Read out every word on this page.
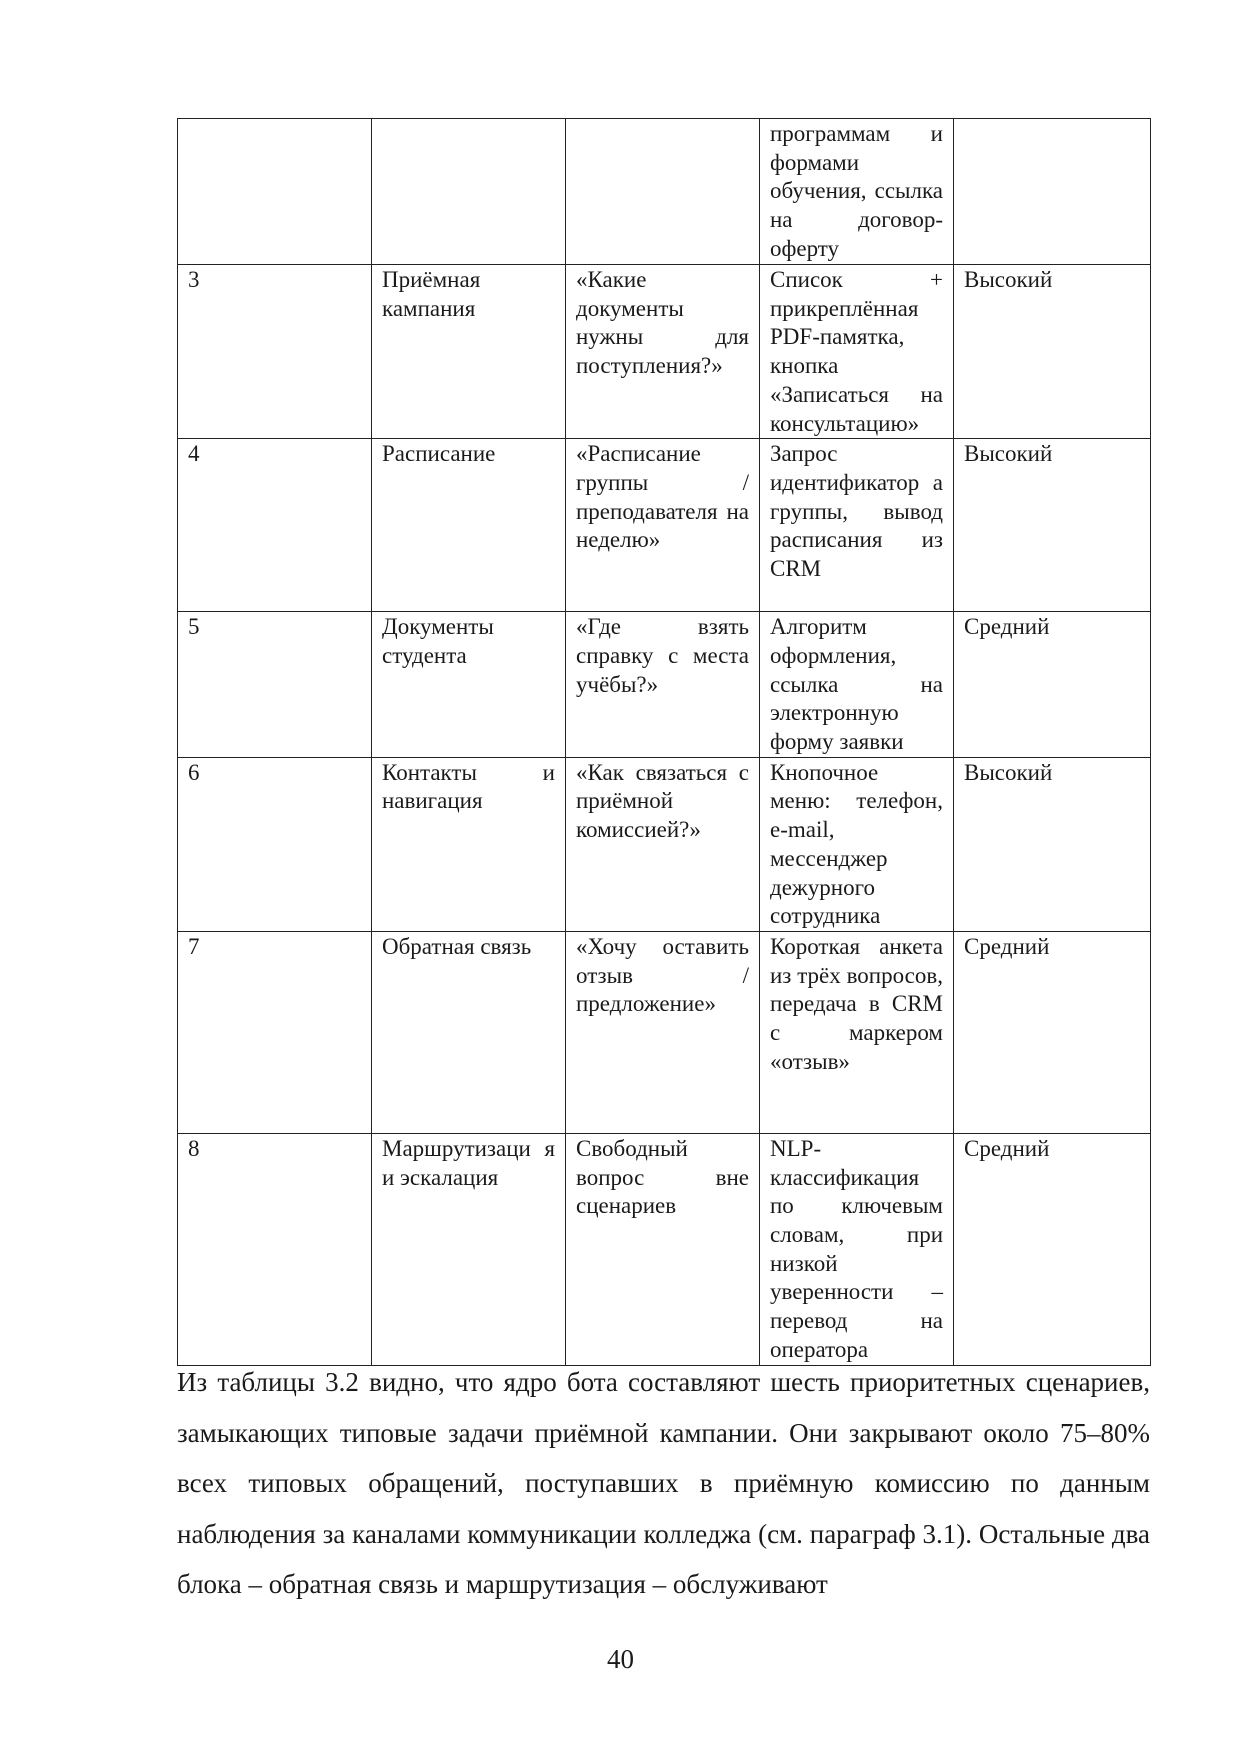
			программам и формами обучения, ссылка на договор-оферту	
3	Приёмная кампания	«Какие документы нужны для поступления?»	Список + прикреплённая PDF-памятка, кнопка «Записаться на консультацию»	Высокий
4	Расписание	«Расписание группы / преподавателя на неделю»	Запрос идентификатор а группы, вывод расписания из CRM	Высокий
5	Документы студента	«Где взять справку с места учёбы?»	Алгоритм оформления, ссылка на электронную форму заявки	Средний
6	Контакты и навигация	«Как связаться с приёмной комиссией?»	Кнопочное меню: телефон, e-mail, мессенджер дежурного сотрудника	Высокий
7	Обратная связь	«Хочу оставить отзыв / предложение»	Короткая анкета из трёх вопросов, передача в CRM с маркером «отзыв»	Средний
8	Маршрутизаци я и эскалация	Свободный вопрос вне сценариев	NLP-классификация по ключевым словам, при низкой уверенности – перевод на оператора	Средний

Из таблицы 3.2 видно, что ядро бота составляют шесть приоритетных сценариев, замыкающих типовые задачи приёмной кампании. Они закрывают около 75–80% всех типовых обращений, поступавших в приёмную комиссию по данным наблюдения за каналами коммуникации колледжа (см. параграф 3.1). Остальные два блока – обратная связь и маршрутизация – обслуживают

40
